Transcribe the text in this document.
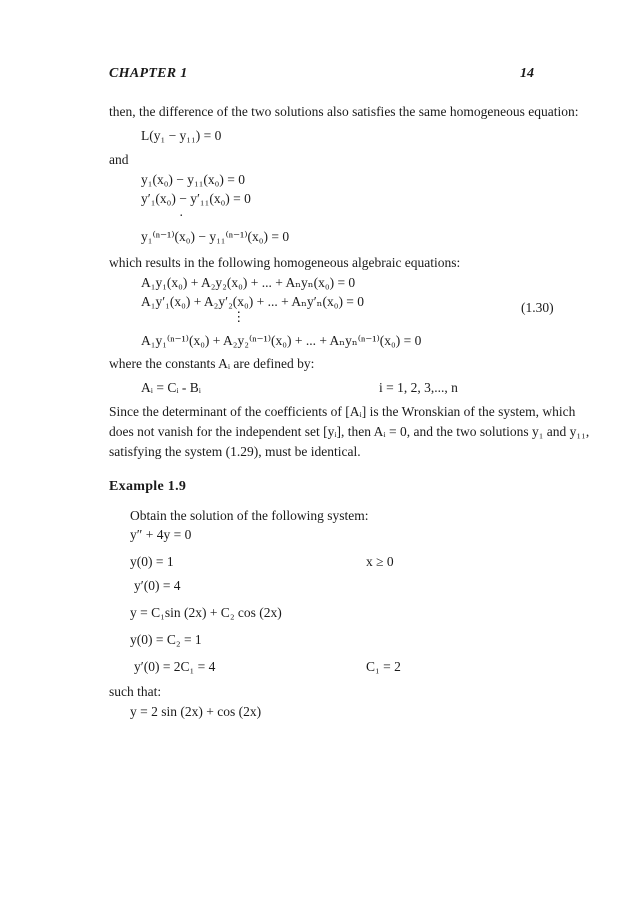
CHAPTER 1	14
then, the difference of the two solutions also satisfies the same homogeneous equation:
L(y₁ − y₁₁) = 0
and
y₁(x₀) − y₁₁(x₀) = 0
y′₁(x₀) − y′₁₁(x₀) = 0
·
y₁⁽ⁿ⁻¹⁾(x₀) − y₁₁⁽ⁿ⁻¹⁾(x₀) = 0
which results in the following homogeneous algebraic equations:
A₁y₁(x₀) + A₂y₂(x₀) + ... + Aₙyₙ(x₀) = 0
A₁y′₁(x₀) + A₂y′₂(x₀) + ... + Aₙy′ₙ(x₀) = 0
⋮
(1.30)
A₁y₁⁽ⁿ⁻¹⁾(x₀) + A₂y₂⁽ⁿ⁻¹⁾(x₀) + ... + Aₙyₙ⁽ⁿ⁻¹⁾(x₀) = 0
where the constants Aᵢ are defined by:
Aᵢ = Cᵢ - Bᵢ	i = 1, 2, 3,..., n
Since the determinant of the coefficients of [Aᵢ] is the Wronskian of the system, which
does not vanish for the independent set [yᵢ], then Aᵢ = 0, and the two solutions y₁ and y₁₁,
satisfying the system (1.29), must be identical.
Example 1.9
Obtain the solution of the following system:
y″ + 4y = 0
y(0) = 1	x ≥ 0
y′(0) = 4
y = C₁sin (2x) + C₂ cos (2x)
y(0) = C₂ = 1
y′(0) = 2C₁ = 4	C₁ = 2
such that:
y = 2 sin (2x) + cos (2x)
